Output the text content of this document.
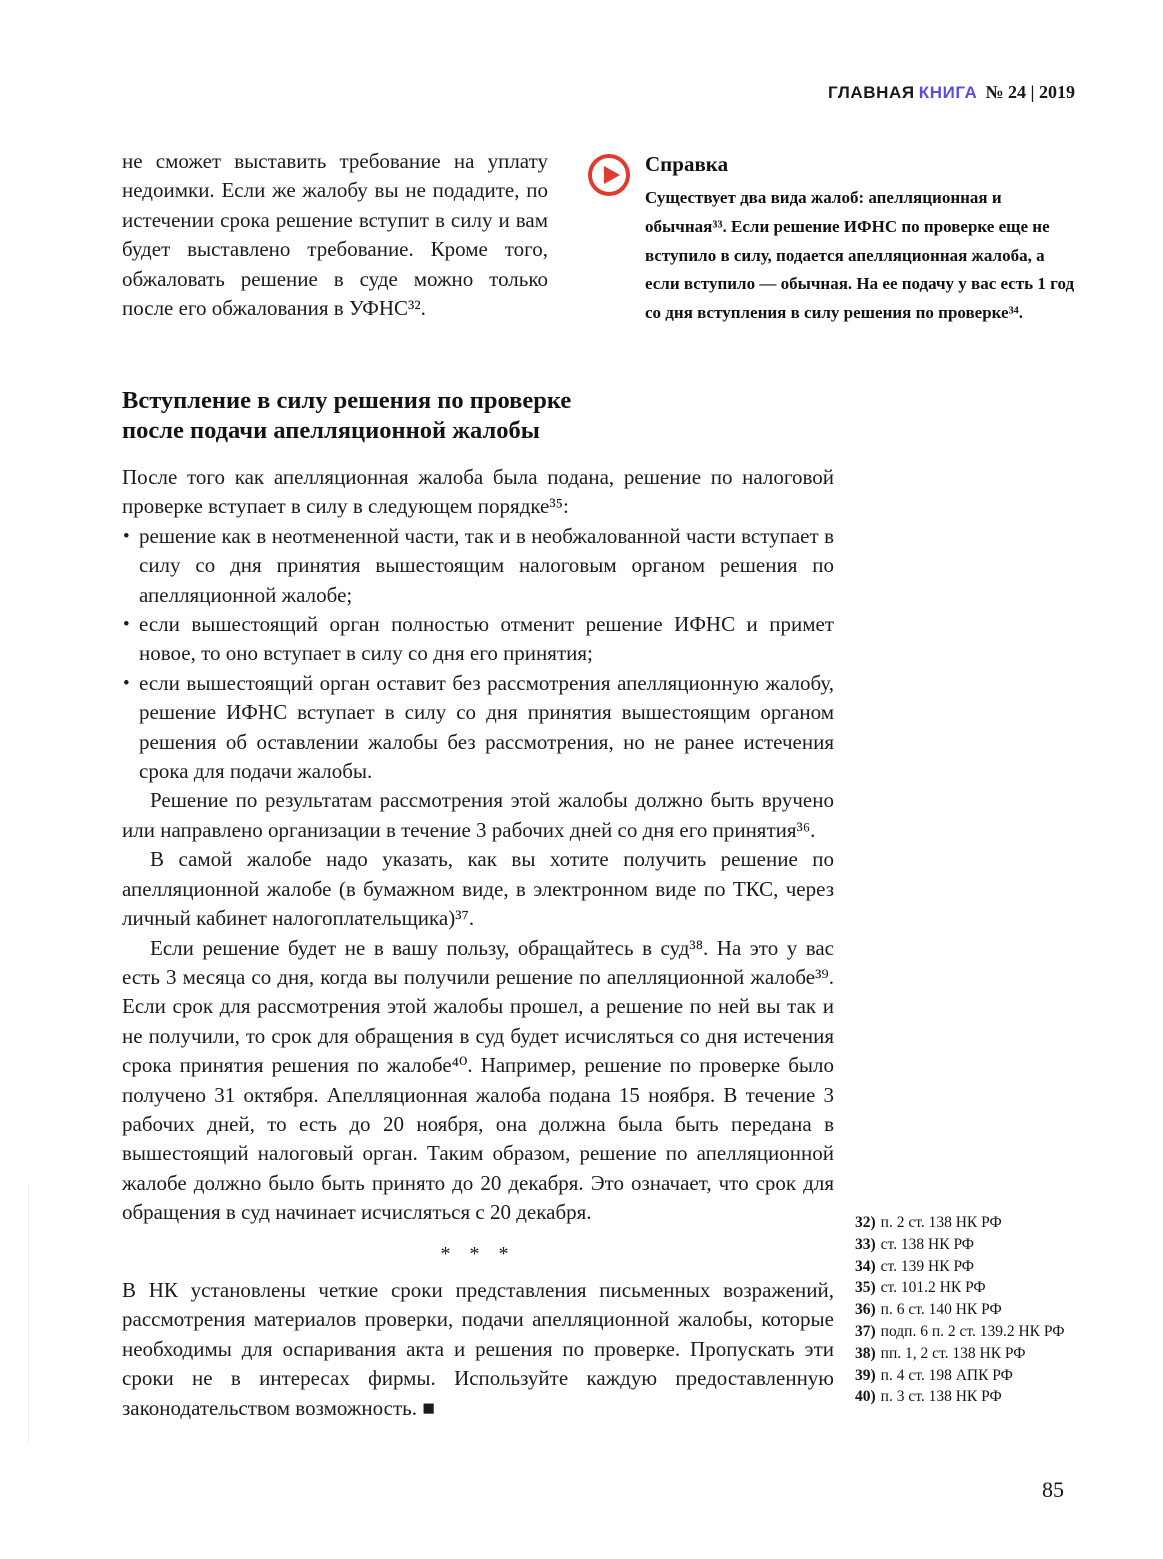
ГЛАВНАЯ КНИГА № 24 | 2019
не сможет выставить требование на уплату недоимки. Если же жалобу вы не подадите, по истечении срока решение вступит в силу и вам будет выставлено требование. Кроме того, обжаловать решение в суде можно только после его обжалования в УФНС³².
Справка
Существует два вида жалоб: апелляционная и обычная³³. Если решение ИФНС по проверке еще не вступило в силу, подается апелляционная жалоба, а если вступило — обычная. На ее подачу у вас есть 1 год со дня вступления в силу решения по проверке³⁴.
Вступление в силу решения по проверке
после подачи апелляционной жалобы

После того как апелляционная жалоба была подана, решение по налоговой проверке вступает в силу в следующем порядке³⁵:

• решение как в неотмененной части, так и в необжалованной части вступает в силу со дня принятия вышестоящим налоговым органом решения по апелляционной жалобе;
• если вышестоящий орган полностью отменит решение ИФНС и примет новое, то оно вступает в силу со дня его принятия;
• если вышестоящий орган оставит без рассмотрения апелляционную жалобу, решение ИФНС вступает в силу со дня принятия вышестоящим органом решения об оставлении жалобы без рассмотрения, но не ранее истечения срока для подачи жалобы.

Решение по результатам рассмотрения этой жалобы должно быть вручено или направлено организации в течение 3 рабочих дней со дня его принятия³⁶.

В самой жалобе надо указать, как вы хотите получить решение по апелляционной жалобе (в бумажном виде, в электронном виде по ТКС, через личный кабинет налогоплательщика)³⁷.

Если решение будет не в вашу пользу, обращайтесь в суд³⁸. На это у вас есть 3 месяца со дня, когда вы получили решение по апелляционной жалобе³⁹. Если срок для рассмотрения этой жалобы прошел, а решение по ней вы так и не получили, то срок для обращения в суд будет исчисляться со дня истечения срока принятия решения по жалобе⁴⁰. Например, решение по проверке было получено 31 октября. Апелляционная жалоба подана 15 ноября. В течение 3 рабочих дней, то есть до 20 ноября, она должна была быть передана в вышестоящий налоговый орган. Таким образом, решение по апелляционной жалобе должно было быть принято до 20 декабря. Это означает, что срок для обращения в суд начинает исчисляться с 20 декабря.

* * *

В НК установлены четкие сроки представления письменных возражений, рассмотрения материалов проверки, подачи апелляционной жалобы, которые необходимы для оспаривания акта и решения по проверке. Пропускать эти сроки не в интересах фирмы. Используйте каждую предоставленную законодательством возможность. ■

32) п. 2 ст. 138 НК РФ
33) ст. 138 НК РФ
34) ст. 139 НК РФ
35) ст. 101.2 НК РФ
36) п. 6 ст. 140 НК РФ
37) подп. 6 п. 2 ст. 139.2 НК РФ
38) пп. 1, 2 ст. 138 НК РФ
39) п. 4 ст. 198 АПК РФ
40) п. 3 ст. 138 НК РФ
85
